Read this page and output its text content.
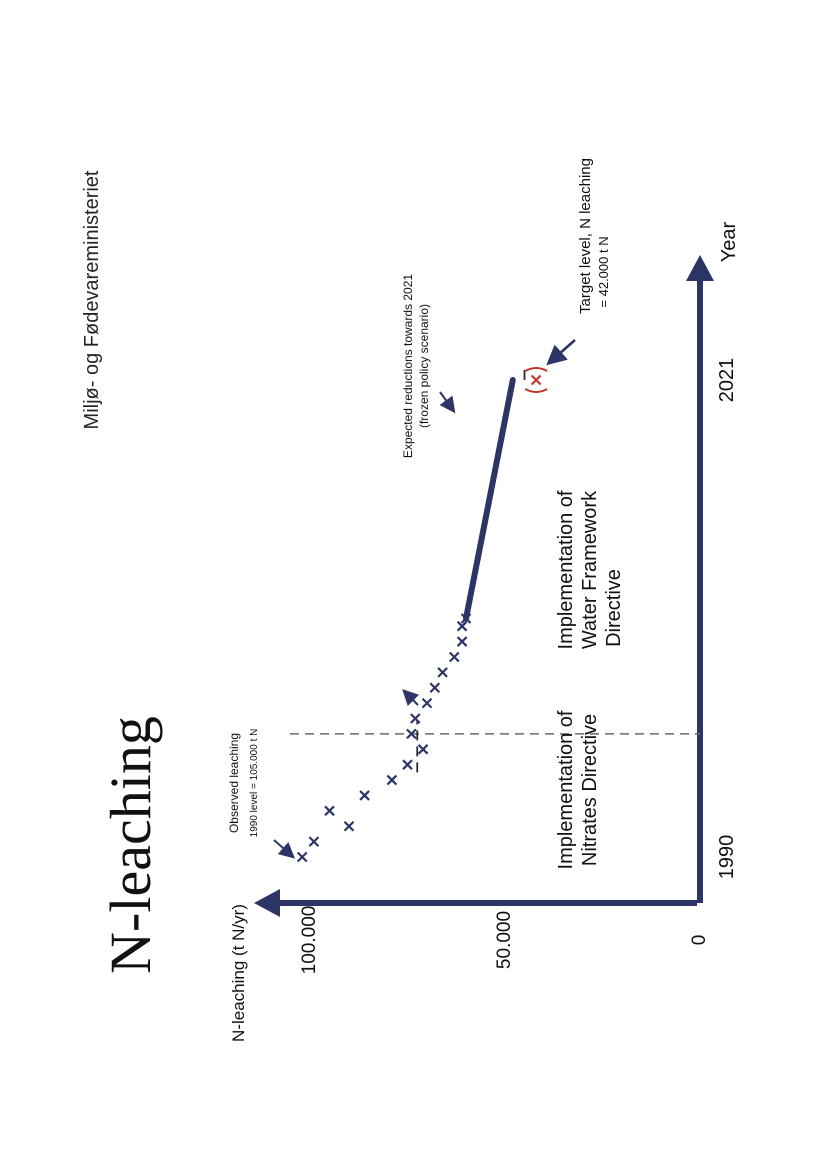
Miljø- og Fødevareministeriet
N-leaching	N-leaching (t N/yr)
Year
0
50.000
100.000
1990
2021
Observed leaching 1990 level = 105.000 t N
Expected reductions towards 2021 (frozen policy scenario)
Target level, N leaching = 42.000 t N
Implementation of Nitrates Directive
Implementation of Water Framework Directive
